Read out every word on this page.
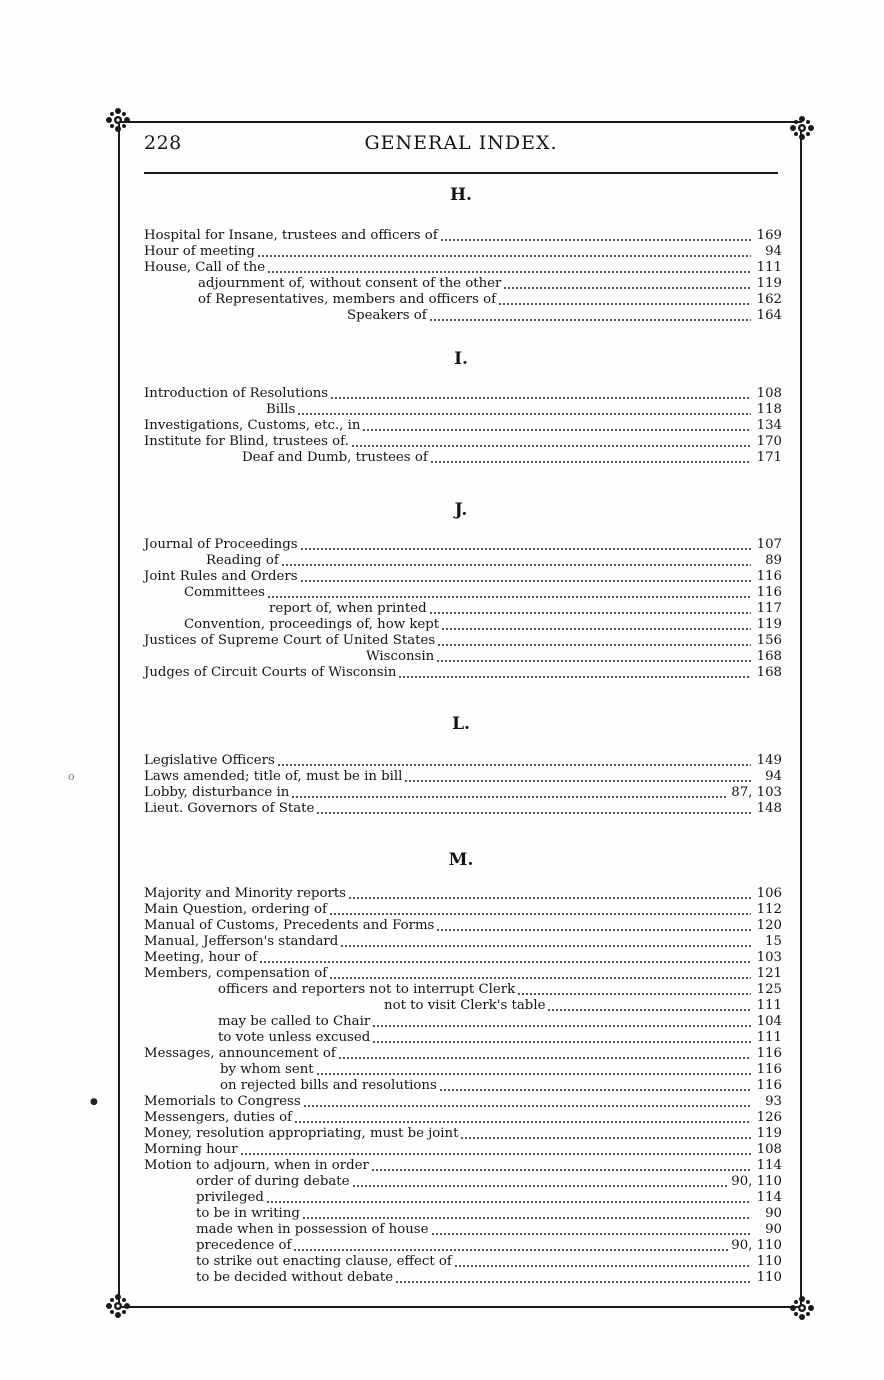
o
●
228	GENERAL INDEX.
H.
Hospital for Insane, trustees and officers of	169
Hour of meeting	94
House, Call of the	111
adjournment of, without consent of the other	119
of Representatives, members and officers of	162
Speakers of	164
I.
Introduction of Resolutions	108
Bills	118
Investigations, Customs, etc., in	134
Institute for Blind, trustees of.	170
Deaf and Dumb, trustees of	171
J.
Journal of Proceedings	107
Reading of	89
Joint Rules and Orders	116
Committees	116
report of, when printed	117
Convention, proceedings of, how kept	119
Justices of Supreme Court of United States	156
Wisconsin	168
Judges of Circuit Courts of Wisconsin	168
L.
Legislative Officers	149
Laws amended; title of, must be in bill	94
Lobby, disturbance in	87, 103
Lieut. Governors of State	148
M.
Majority and Minority reports	106
Main Question, ordering of	112
Manual of Customs, Precedents and Forms	120
Manual, Jefferson's standard	15
Meeting, hour of	103
Members, compensation of	121
officers and reporters not to interrupt Clerk	125
not to visit Clerk's table	111
may be called to Chair	104
to vote unless excused	111
Messages, announcement of	116
by whom sent	116
on rejected bills and resolutions	116
Memorials to Congress	93
Messengers, duties of	126
Money, resolution appropriating, must be joint	119
Morning hour	108
Motion to adjourn, when in order	114
order of during debate	90, 110
privileged	114
to be in writing	90
made when in possession of house	90
precedence of	90, 110
to strike out enacting clause, effect of	110
to be decided without debate	110
